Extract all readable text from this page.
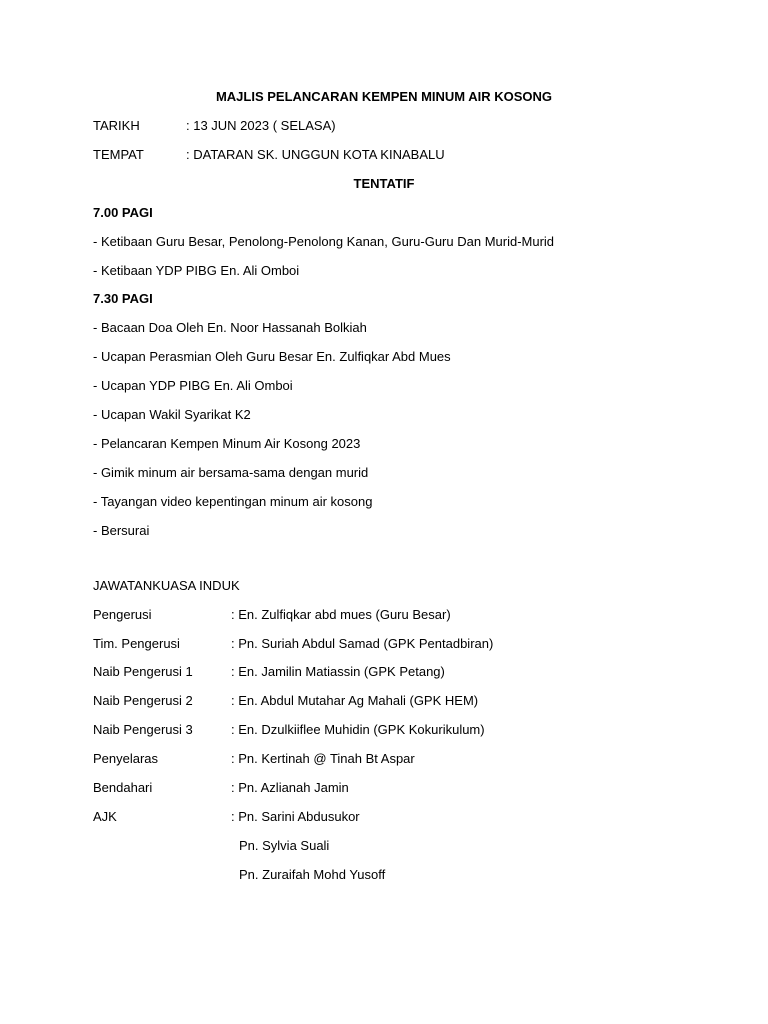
MAJLIS PELANCARAN KEMPEN MINUM AIR KOSONG
TARIKH	: 13 JUN 2023 ( SELASA)
TEMPAT	: DATARAN SK. UNGGUN KOTA KINABALU
TENTATIF
7.00 PAGI
- Ketibaan Guru Besar, Penolong-Penolong Kanan, Guru-Guru Dan Murid-Murid
- Ketibaan YDP PIBG En. Ali Omboi
7.30 PAGI
- Bacaan Doa Oleh En. Noor Hassanah Bolkiah
- Ucapan Perasmian Oleh Guru Besar En. Zulfiqkar Abd Mues
- Ucapan YDP PIBG En. Ali Omboi
- Ucapan Wakil Syarikat K2
- Pelancaran Kempen Minum Air Kosong 2023
- Gimik minum air bersama-sama dengan murid
- Tayangan video kepentingan minum air kosong
- Bersurai
JAWATANKUASA INDUK
Pengerusi	: En. Zulfiqkar abd mues (Guru Besar)
Tim. Pengerusi	: Pn. Suriah Abdul Samad (GPK Pentadbiran)
Naib Pengerusi 1	: En. Jamilin Matiassin (GPK Petang)
Naib Pengerusi 2	: En. Abdul Mutahar Ag Mahali (GPK HEM)
Naib Pengerusi 3	: En. Dzulkiiflee Muhidin (GPK Kokurikulum)
Penyelaras	: Pn. Kertinah @ Tinah Bt Aspar
Bendahari	: Pn. Azlianah Jamin
AJK	: Pn. Sarini Abdusukor
Pn. Sylvia Suali
Pn. Zuraifah Mohd Yusoff
